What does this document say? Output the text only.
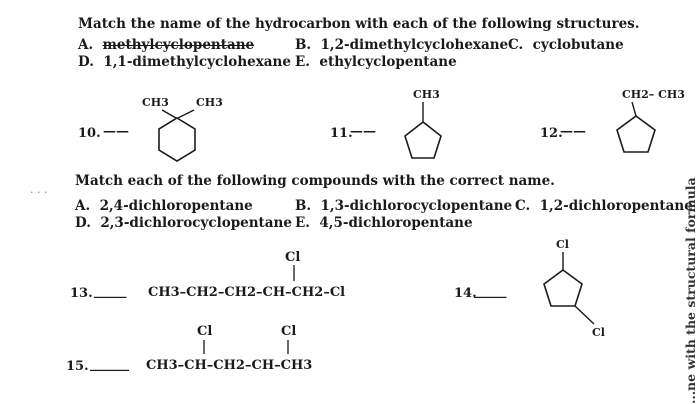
Match the name of the hydrocarbon with each of the following structures.
A. methylcyclopentane	B. 1,2-dimethylcyclohexane C. cyclobutane
D. 1,1-dimethylcyclohexane E. ethylcyclopentane
10. ——
CH3 CH3
11.
——
CH3
12.
——
CH2– CH3
Match each of the following compounds with the correct name.
· · ·
A. 2,4-dichloropentane	B. 1,3-dichlorocyclopentane C. 1,2-dichloropentane
D. 2,3-dichlorocyclopentane E. 4,5-dichloropentane
13. _____
Cl
CH3–CH2–CH2–CH–CH2–Cl	14.
_____
Cl
Cl
Cl	Cl
15. ______ CH3–CH–CH2–CH–CH3	...ne with the structural formula
